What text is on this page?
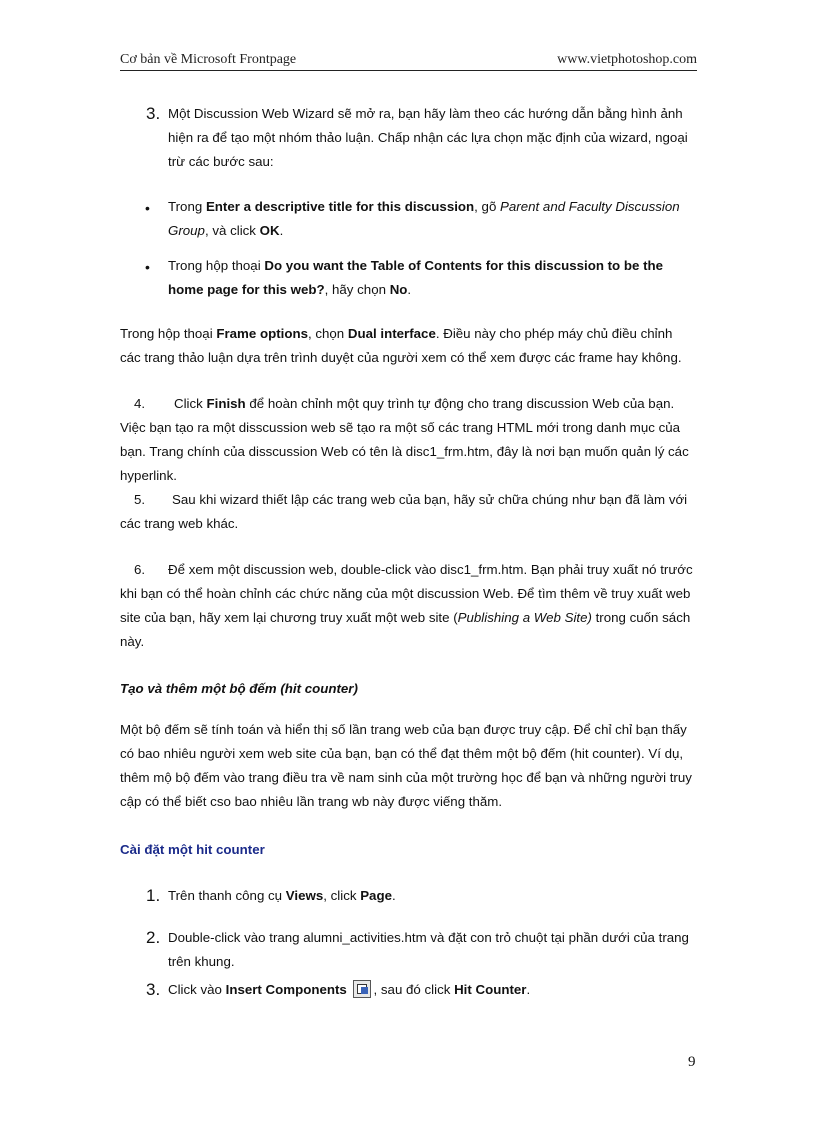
Cơ bản về Microsoft Frontpage	www.vietphotoshop.com
3. Một Discussion Web Wizard sẽ mở ra, bạn hãy làm theo các hướng dẫn bằng hình ảnh
hiện ra để tạo một nhóm thảo luận. Chấp nhận các lựa chọn mặc định của wizard, ngoại
trừ các bước sau:
• Trong Enter a descriptive title for this discussion, gõ Parent and Faculty Discussion
Group, và click OK.
• Trong hộp thoại Do you want the Table of Contents for this discussion to be the
home page for this web?, hãy chọn No.
Trong hộp thoại Frame options, chọn Dual interface. Điều này cho phép máy chủ điều chỉnh
các trang thảo luận dựa trên trình duyệt của người xem có thể xem được các frame hay không.
4. Click Finish để hoàn chỉnh một quy trình tự động cho trang discussion Web của bạn.
Việc bạn tạo ra một disscussion web sẽ tạo ra một số các trang HTML mới trong danh mục của
bạn. Trang chính của disscussion Web có tên là disc1_frm.htm, đây là nơi bạn muốn quản lý các
hyperlink.
5. Sau khi wizard thiết lập các trang web của bạn, hãy sử chữa chúng như bạn đã làm với
các trang web khác.
6. Để xem một discussion web, double-click vào disc1_frm.htm. Bạn phải truy xuất nó trước
khi bạn có thể hoàn chỉnh các chức năng của một discussion Web. Để tìm thêm về truy xuất web
site của bạn, hãy xem lại chương truy xuất một web site (Publishing a Web Site) trong cuốn sách
này.
Tạo và thêm một bộ đếm (hit counter)
Một bộ đếm sẽ tính toán và hiển thị số lần trang web của bạn được truy cập. Để chỉ chỉ bạn thấy
có bao nhiêu người xem web site của bạn, bạn có thể đạt thêm một bộ đếm (hit counter). Ví dụ,
thêm mộ bộ đếm vào trang điều tra về nam sinh của một trường học để bạn và những người truy
cập có thể biết cso bao nhiêu lần trang wb này được viếng thăm.
Cài đặt một hit counter
1. Trên thanh công cụ Views, click Page.
2. Double-click vào trang alumni_activities.htm và đặt con trỏ chuột tại phần dưới của trang
trên khung.
3. Click vào Insert Components , sau đó click Hit Counter.
9
